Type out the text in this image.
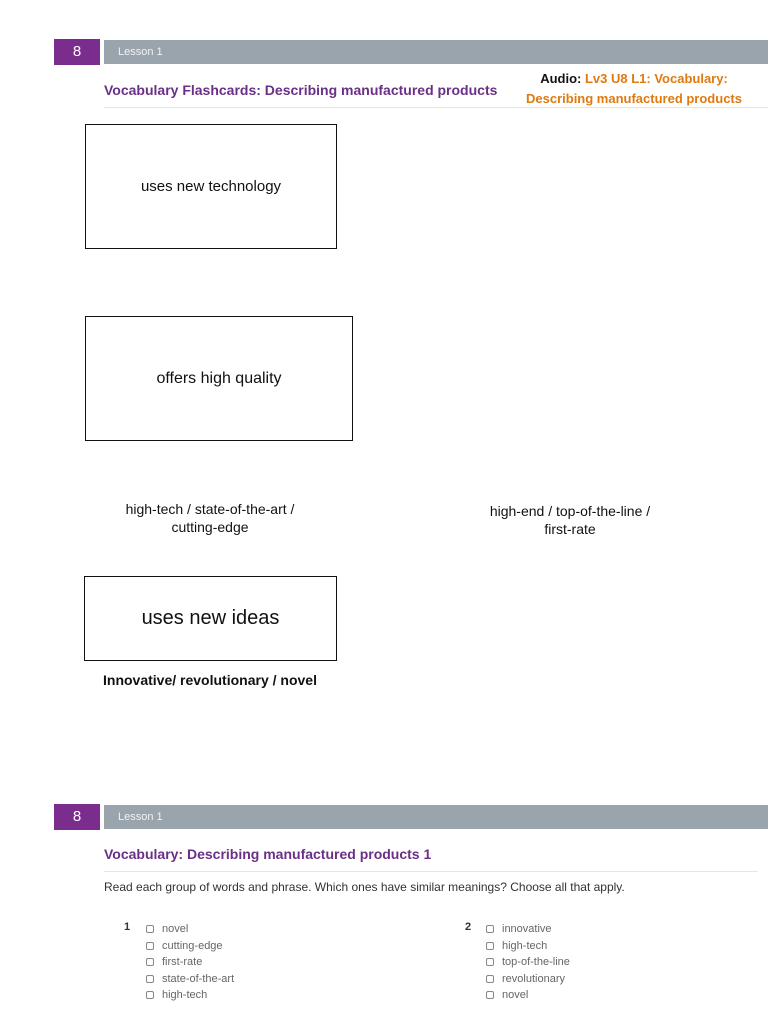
8	Lesson 1
Vocabulary Flashcards: Describing manufactured products
Audio: Lv3 U8 L1: Vocabulary:
Describing manufactured products
uses new technology
offers high quality
high-tech / state-of-the-art /
cutting-edge
high-end / top-of-the-line /
first-rate
uses new ideas
Innovative/ revolutionary / novel
8	Lesson 1
Vocabulary: Describing manufactured products 1
Read each group of words and phrase. Which ones have similar meanings? Choose all that apply.
1	novel
cutting-edge
first-rate
state-of-the-art
high-tech
2	innovative
high-tech
top-of-the-line
revolutionary
novel
